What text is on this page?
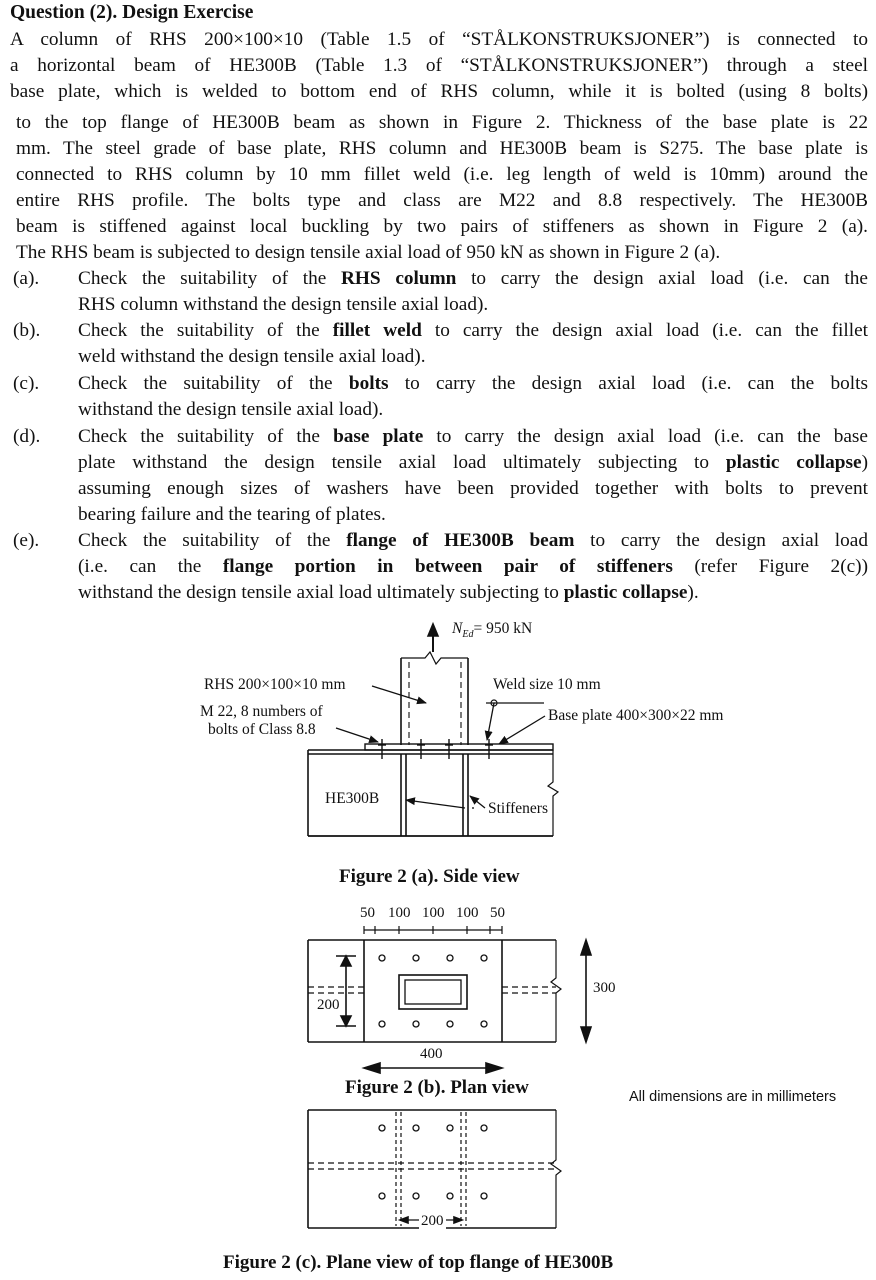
Question (2). Design Exercise
A column of RHS 200×100×10 (Table 1.5 of “STÅLKONSTRUKSJONER”) is connected to
a horizontal beam of HE300B (Table 1.3 of “STÅLKONSTRUKSJONER”) through a steel
base plate, which is welded to bottom end of RHS column, while it is bolted (using 8 bolts)
to the top flange of HE300B beam as shown in Figure 2. Thickness of the base plate is 22
mm. The steel grade of base plate, RHS column and HE300B beam is S275. The base plate is
connected to RHS column by 10 mm fillet weld (i.e. leg length of weld is 10mm) around the
entire RHS profile. The bolts type and class are M22 and 8.8 respectively. The HE300B
beam is stiffened against local buckling by two pairs of stiffeners as shown in Figure 2 (a).
The RHS beam is subjected to design tensile axial load of 950 kN as shown in Figure 2 (a).
(a). Check the suitability of the RHS column to carry the design axial load (i.e. can the
RHS column withstand the design tensile axial load).
(b). Check the suitability of the fillet weld to carry the design axial load (i.e. can the fillet
weld withstand the design tensile axial load).
(c). Check the suitability of the bolts to carry the design axial load (i.e. can the bolts
withstand the design tensile axial load).
(d). Check the suitability of the base plate to carry the design axial load (i.e. can the base
plate withstand the design tensile axial load ultimately subjecting to plastic collapse)
assuming enough sizes of washers have been provided together with bolts to prevent
bearing failure and the tearing of plates.
(e). Check the suitability of the flange of HE300B beam to carry the design axial load
(i.e. can the flange portion in between pair of stiffeners (refer Figure 2(c))
withstand the design tensile axial load ultimately subjecting to plastic collapse).
$N_{Ed}= 950$ kN
RHS 200×100×10 mm
M 22, 8 numbers of
bolts of Class 8.8
Weld size 10 mm
Base plate 400×300×22 mm
HE300B
Stiffeners
Figure 2 (a). Side view
50 100 100 100 50
200
300
400
Figure 2 (b). Plan view	All dimensions are in millimeters
200
Figure 2 (c). Plane view of top flange of HE300B
